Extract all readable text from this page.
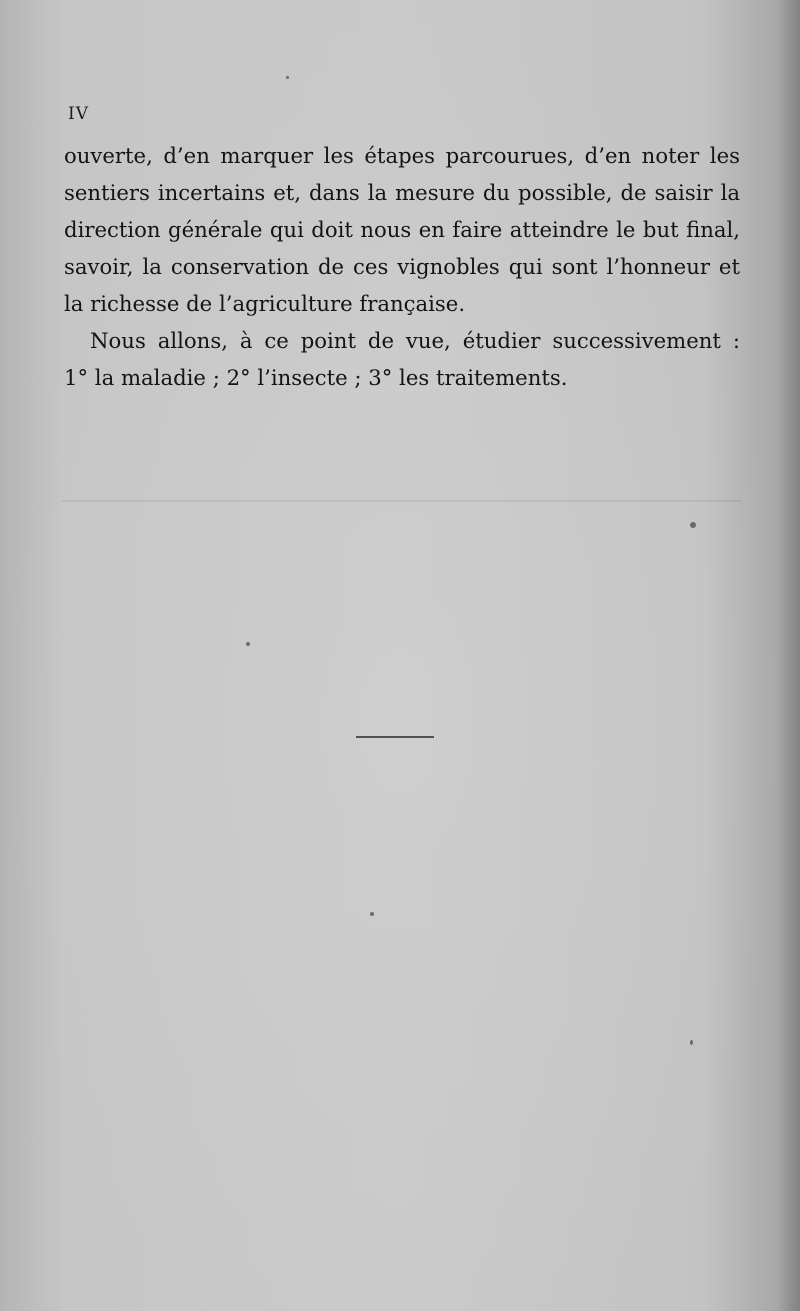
IV

ouverte, d’en marquer les étapes parcourues, d’en noter les

sentiers incertains et, dans la mesure du possible, de saisir la

direction générale qui doit nous en faire atteindre le but final,

savoir, la conservation de ces vignobles qui sont l’honneur et

la richesse de l’agriculture française.

Nous allons, à ce point de vue, étudier successivement :

1° la maladie ; 2° l’insecte ; 3° les traitements.
